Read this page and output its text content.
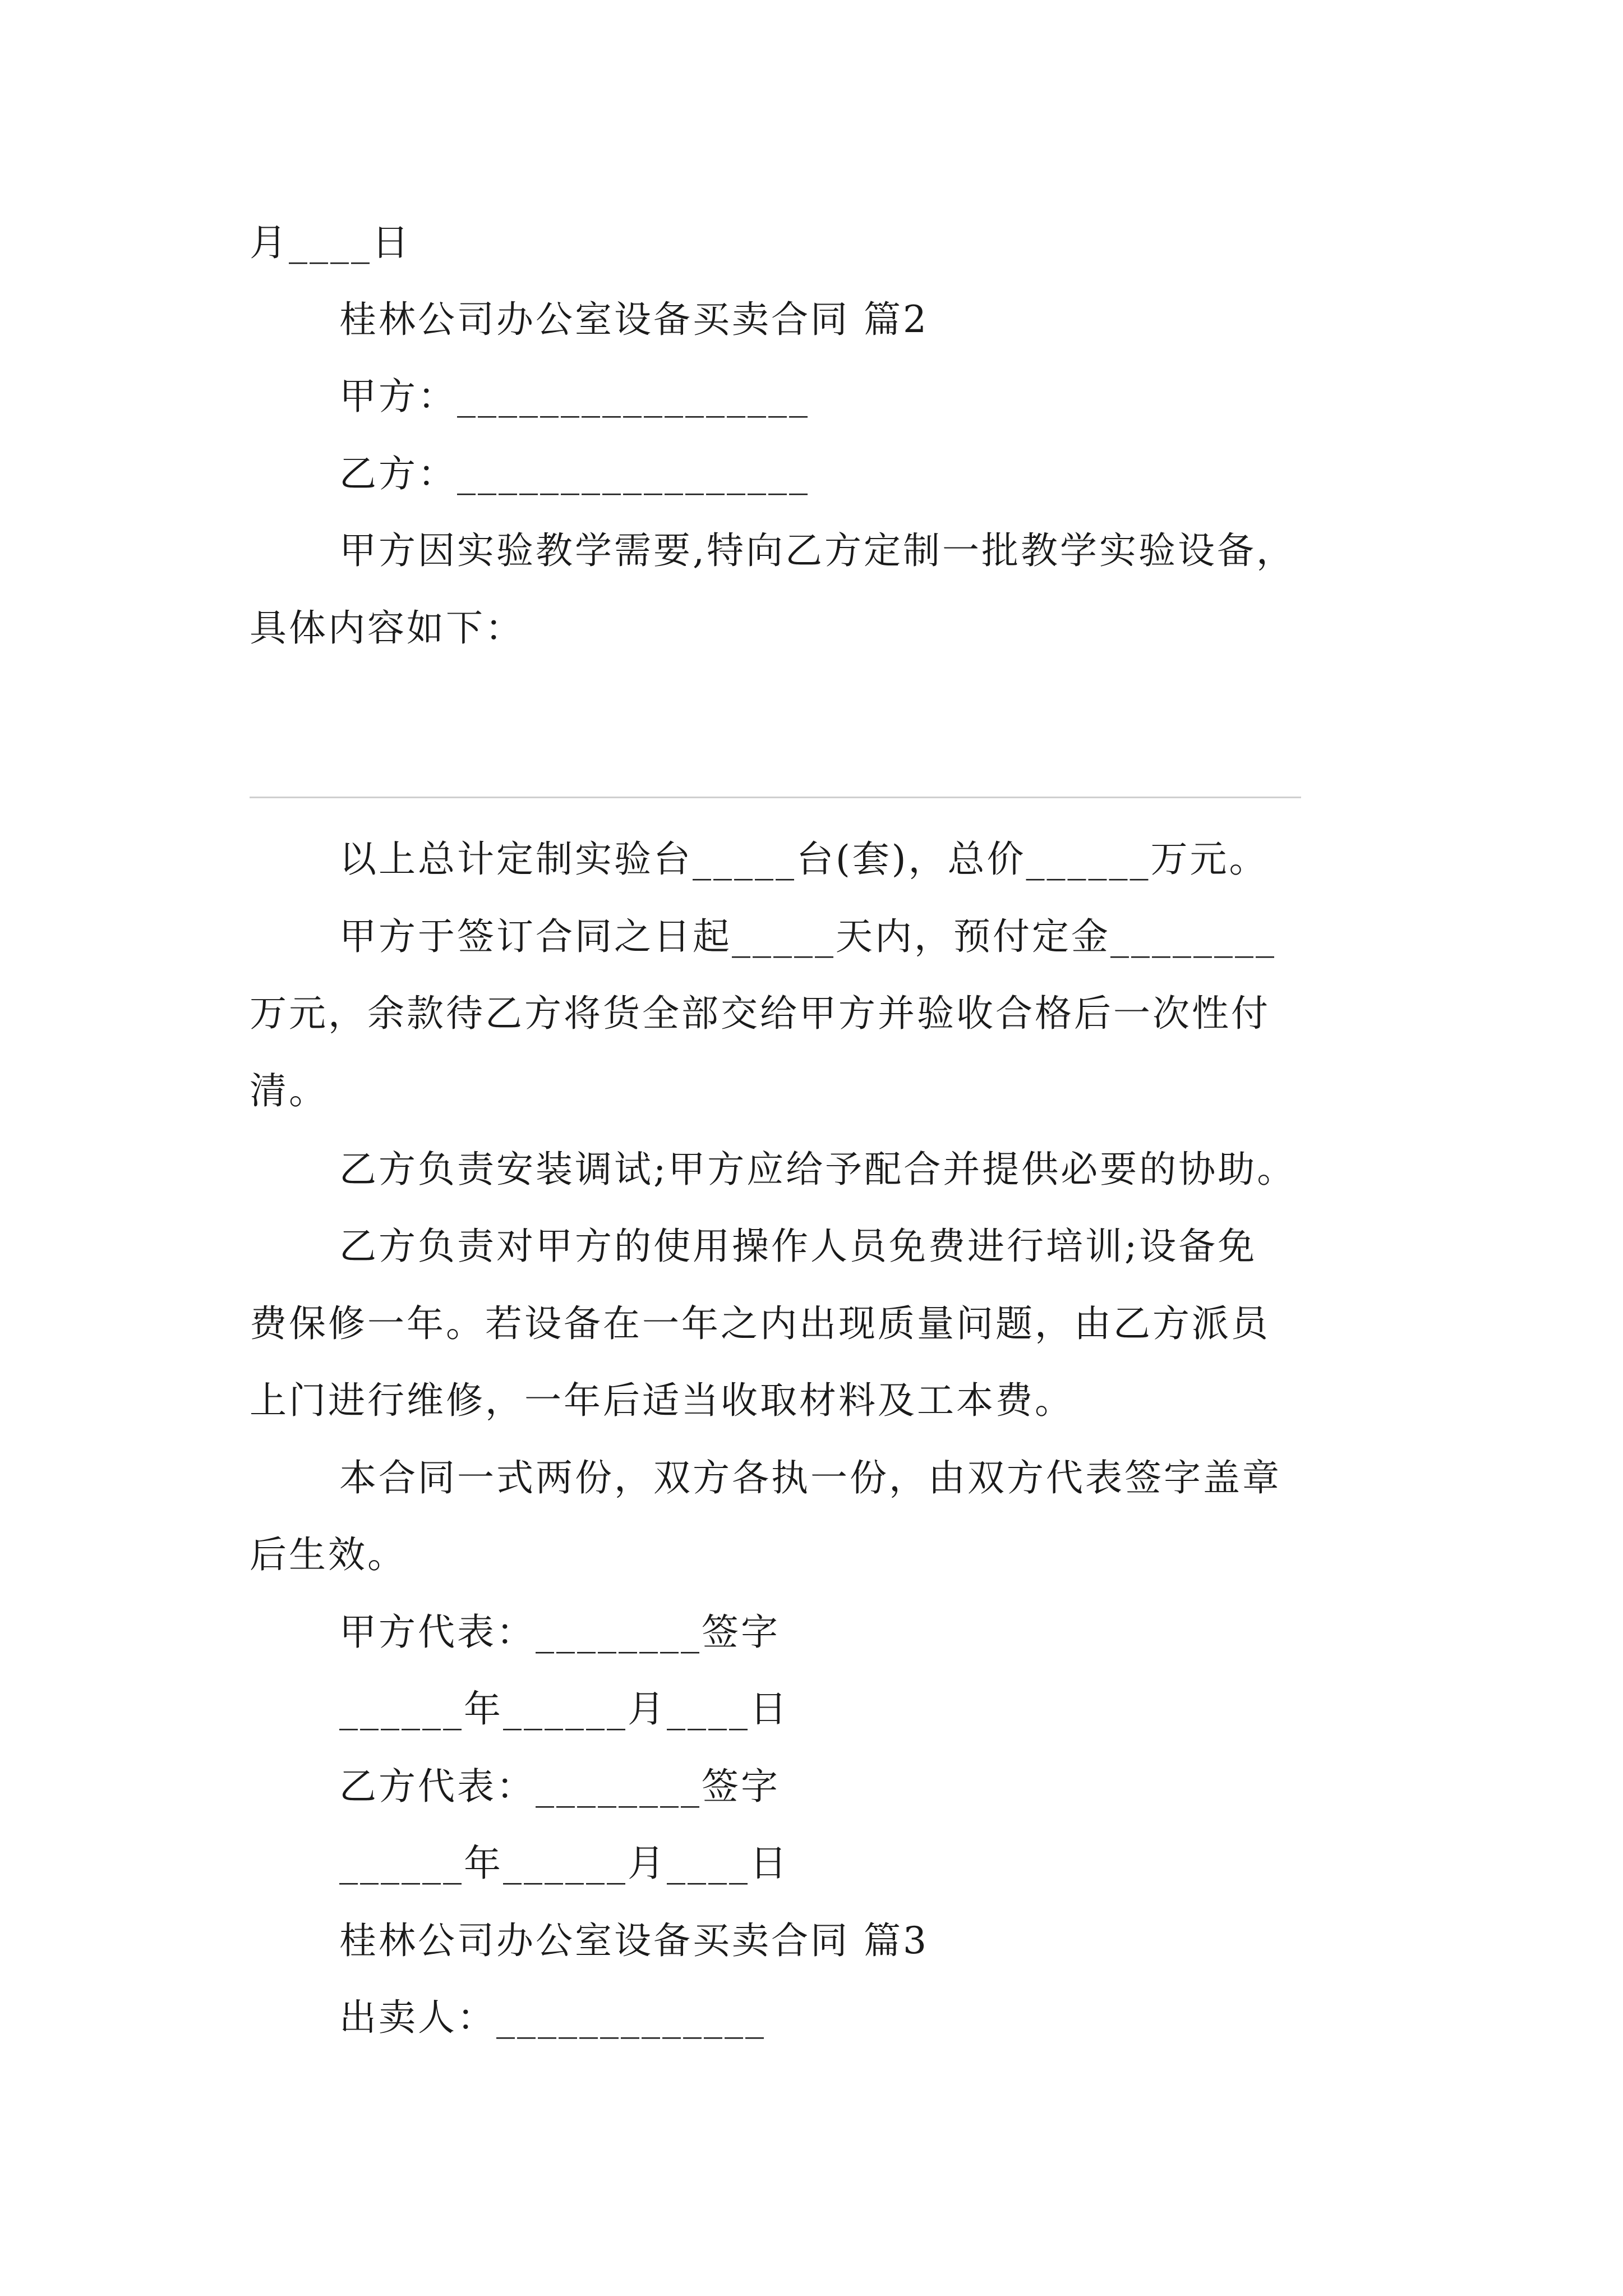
月____日
桂林公司办公室设备买卖合同 篇2
甲方：_________________
乙方：_________________
甲方因实验教学需要,特向乙方定制一批教学实验设备，
具体内容如下：
以上总计定制实验台_____台(套)，总价______万元。
甲方于签订合同之日起_____天内，预付定金________
万元，余款待乙方将货全部交给甲方并验收合格后一次性付
清。
乙方负责安装调试;甲方应给予配合并提供必要的协助。
乙方负责对甲方的使用操作人员免费进行培训;设备免
费保修一年。若设备在一年之内出现质量问题，由乙方派员
上门进行维修，一年后适当收取材料及工本费。
本合同一式两份，双方各执一份，由双方代表签字盖章
后生效。
甲方代表：________签字
______年______月____日
乙方代表：________签字
______年______月____日
桂林公司办公室设备买卖合同 篇3
出卖人：_____________
